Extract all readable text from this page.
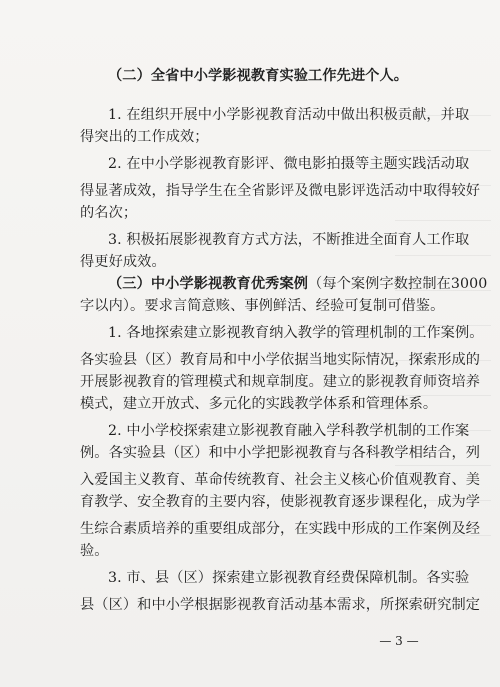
（二）全省中小学影视教育实验工作先进个人。
1. 在组织开展中小学影视教育活动中做出积极贡献，并取
得突出的工作成效；
2. 在中小学影视教育影评、微电影拍摄等主题实践活动取
得显著成效，指导学生在全省影评及微电影评选活动中取得较好
的名次；
3. 积极拓展影视教育方式方法，不断推进全面育人工作取
得更好成效。
（三）中小学影视教育优秀案例（每个案例字数控制在3000
字以内）。要求言简意赅、事例鲜活、经验可复制可借鉴。
1. 各地探索建立影视教育纳入教学的管理机制的工作案例。
各实验县（区）教育局和中小学依据当地实际情况，探索形成的
开展影视教育的管理模式和规章制度。建立的影视教育师资培养
模式，建立开放式、多元化的实践教学体系和管理体系。
2. 中小学校探索建立影视教育融入学科教学机制的工作案
例。各实验县（区）和中小学把影视教育与各科教学相结合，列
入爱国主义教育、革命传统教育、社会主义核心价值观教育、美
育教学、安全教育的主要内容，使影视教育逐步课程化，成为学
生综合素质培养的重要组成部分，在实践中形成的工作案例及经
验。
3. 市、县（区）探索建立影视教育经费保障机制。各实验
县（区）和中小学根据影视教育活动基本需求，所探索研究制定
— 3 —
